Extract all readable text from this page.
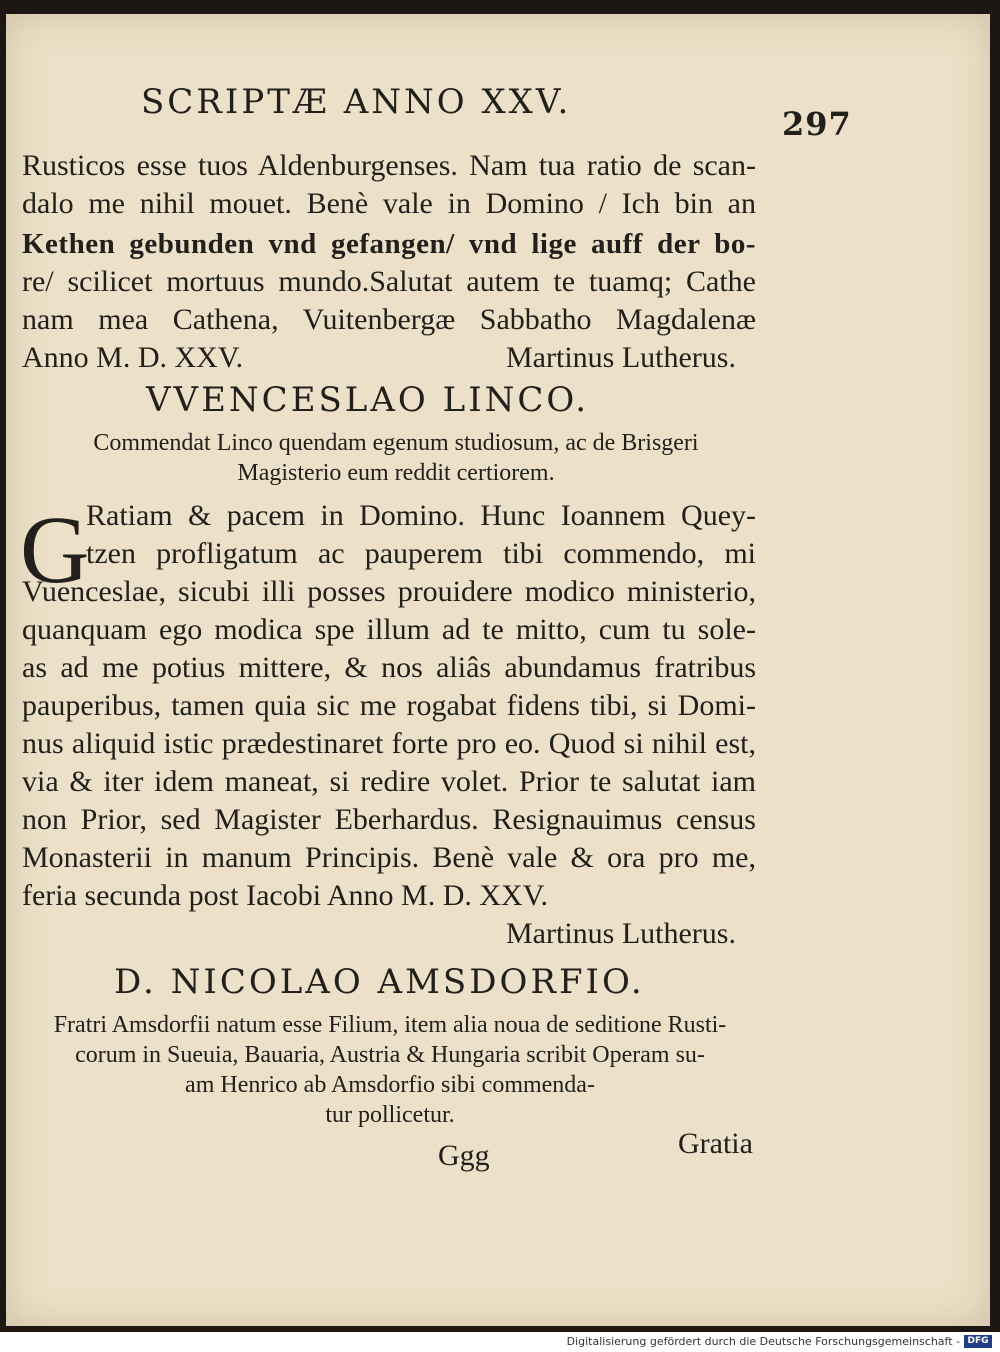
SCRIPTÆ ANNO XXV.
297
Rusticos esse tuos Aldenburgenses. Nam tua ratio de scan-
dalo me nihil mouet. Benè vale in Domino / Ich bin an
Kethen gebunden vnd gefangen/ vnd lige auff der bo-
re/ scilicet mortuus mundo.Salutat autem te tuamq; Cathe
nam mea Cathena, Vuitenbergæ Sabbatho Magdalenæ
Anno M. D. XXV.	Martinus Lutherus.
VVENCESLAO LINCO.
Commendat Linco quendam egenum studiosum, ac de Brisgeri
Magisterio eum reddit certiorem.
G
Ratiam & pacem in Domino. Hunc Ioannem Quey-
tzen profligatum ac pauperem tibi commendo, mi
Vuenceslae, sicubi illi posses prouidere modico ministerio,
quanquam ego modica spe illum ad te mitto, cum tu sole-
as ad me potius mittere, & nos aliâs abundamus fratribus
pauperibus, tamen quia sic me rogabat fidens tibi, si Domi-
nus aliquid istic prædestinaret forte pro eo. Quod si nihil est,
via & iter idem maneat, si redire volet. Prior te salutat iam
non Prior, sed Magister Eberhardus. Resignauimus census
Monasterii in manum Principis. Benè vale & ora pro me,
feria secunda post Iacobi Anno M. D. XXV.
Martinus Lutherus.
D. NICOLAO AMSDORFIO.
Fratri Amsdorfii natum esse Filium, item alia noua de seditione Rusti-
corum in Sueuia, Bauaria, Austria & Hungaria scribit Operam su-
am Henrico ab Amsdorfio sibi commenda-
tur pollicetur.
Ggg	Gratia
Digitalisierung gefördert durch die Deutsche Forschungsgemeinschaft - DFG
